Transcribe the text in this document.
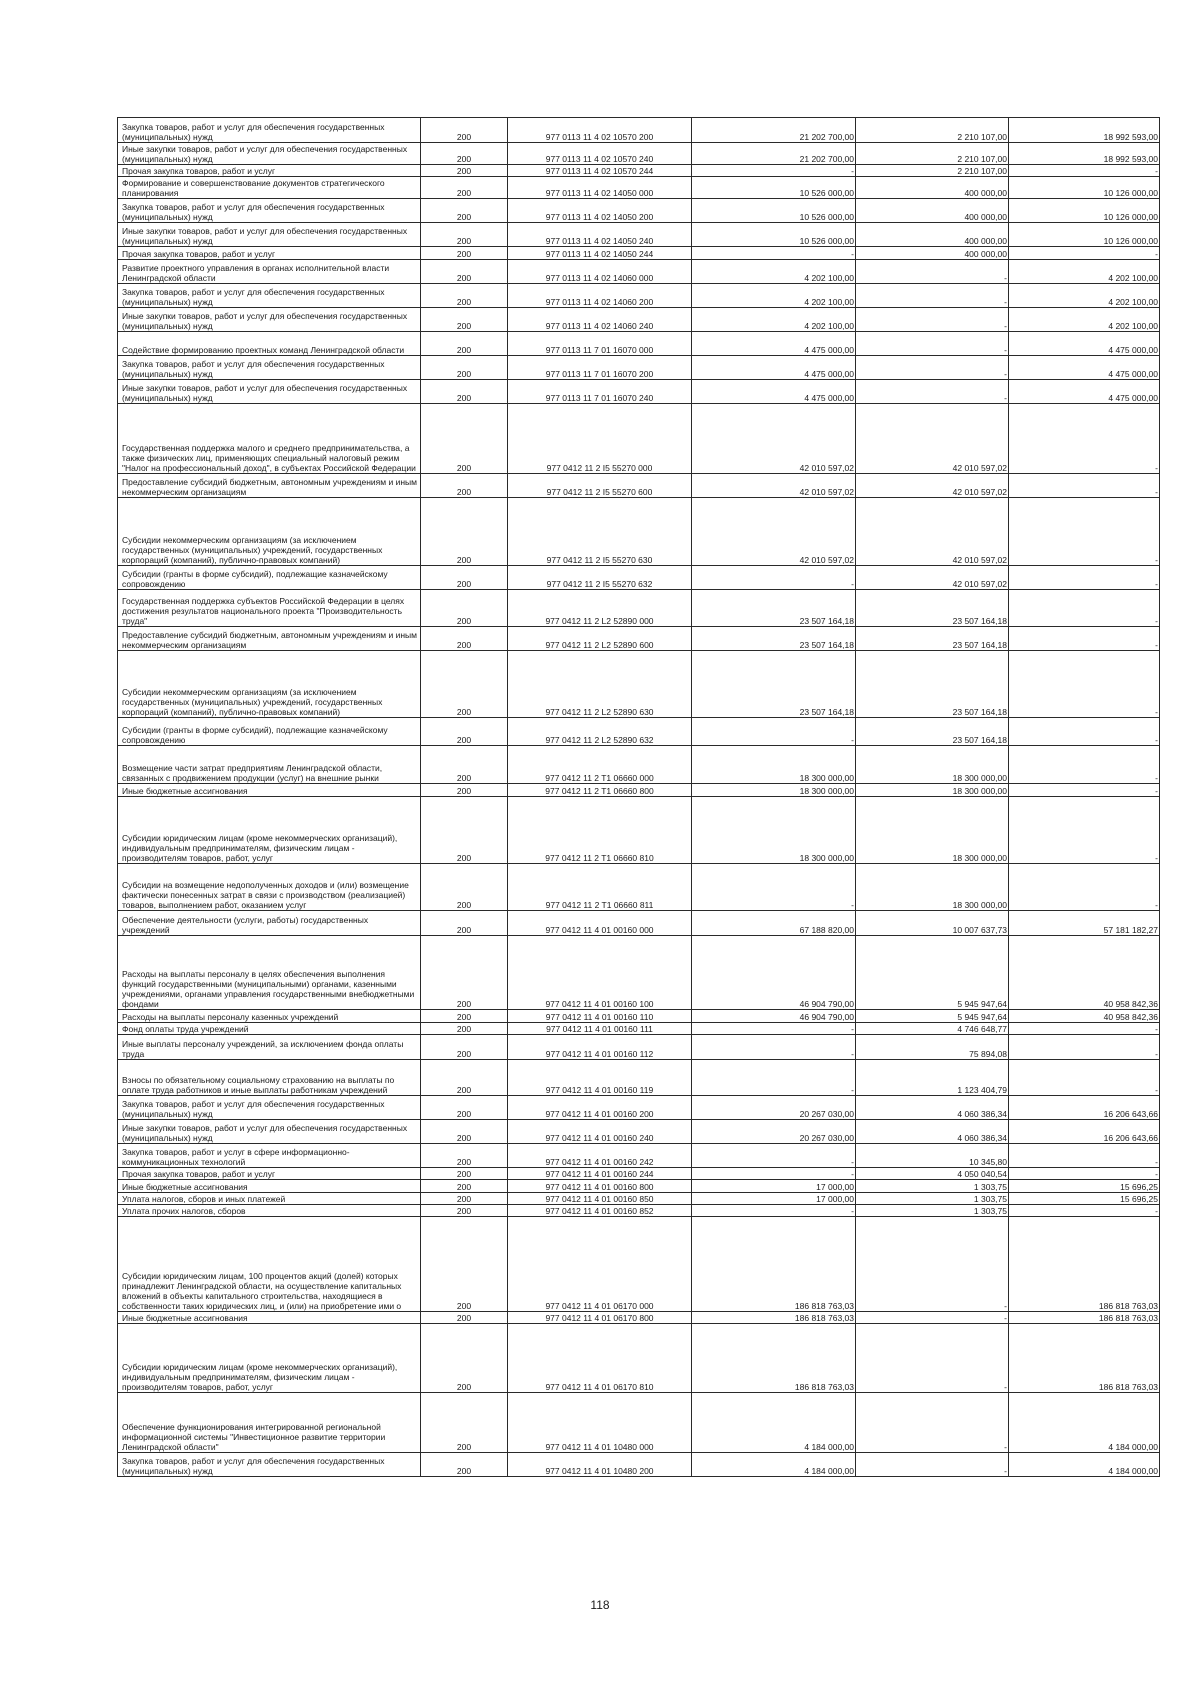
Закупка товаров, работ и услуг для обеспечения государственных (муниципальных) нужд	200	977 0113 11 4 02 10570 200	21 202 700,00	2 210 107,00	18 992 593,00
Иные закупки товаров, работ и услуг для обеспечения государственных (муниципальных) нужд	200	977 0113 11 4 02 10570 240	21 202 700,00	2 210 107,00	18 992 593,00
Прочая закупка товаров, работ и услуг	200	977 0113 11 4 02 10570 244	-	2 210 107,00	-
Формирование и совершенствование документов стратегического планирования	200	977 0113 11 4 02 14050 000	10 526 000,00	400 000,00	10 126 000,00
Закупка товаров, работ и услуг для обеспечения государственных (муниципальных) нужд	200	977 0113 11 4 02 14050 200	10 526 000,00	400 000,00	10 126 000,00
Иные закупки товаров, работ и услуг для обеспечения государственных (муниципальных) нужд	200	977 0113 11 4 02 14050 240	10 526 000,00	400 000,00	10 126 000,00
Прочая закупка товаров, работ и услуг	200	977 0113 11 4 02 14050 244	-	400 000,00	-
Развитие проектного управления в органах исполнительной власти Ленинградской области	200	977 0113 11 4 02 14060 000	4 202 100,00	-	4 202 100,00
Закупка товаров, работ и услуг для обеспечения государственных (муниципальных) нужд	200	977 0113 11 4 02 14060 200	4 202 100,00	-	4 202 100,00
Иные закупки товаров, работ и услуг для обеспечения государственных (муниципальных) нужд	200	977 0113 11 4 02 14060 240	4 202 100,00	-	4 202 100,00
Содействие формированию проектных команд Ленинградской области	200	977 0113 11 7 01 16070 000	4 475 000,00	-	4 475 000,00
Закупка товаров, работ и услуг для обеспечения государственных (муниципальных) нужд	200	977 0113 11 7 01 16070 200	4 475 000,00	-	4 475 000,00
Иные закупки товаров, работ и услуг для обеспечения государственных (муниципальных) нужд	200	977 0113 11 7 01 16070 240	4 475 000,00	-	4 475 000,00
Государственная поддержка малого и среднего предпринимательства, а также физических лиц, применяющих специальный налоговый режим "Налог на профессиональный доход", в субъектах Российской Федерации	200	977 0412 11 2 I5 55270 000	42 010 597,02	42 010 597,02	-
Предоставление субсидий бюджетным, автономным учреждениям и иным некоммерческим организациям	200	977 0412 11 2 I5 55270 600	42 010 597,02	42 010 597,02	-
Субсидии некоммерческим организациям (за исключением государственных (муниципальных) учреждений, государственных корпораций (компаний), публично-правовых компаний)	200	977 0412 11 2 I5 55270 630	42 010 597,02	42 010 597,02	-
Субсидии (гранты в форме субсидий), подлежащие казначейскому сопровождению	200	977 0412 11 2 I5 55270 632	-	42 010 597,02	-
Государственная поддержка субъектов Российской Федерации в целях достижения результатов национального проекта "Производительность труда"	200	977 0412 11 2 L2 52890 000	23 507 164,18	23 507 164,18	-
Предоставление субсидий бюджетным, автономным учреждениям и иным некоммерческим организациям	200	977 0412 11 2 L2 52890 600	23 507 164,18	23 507 164,18	-
Субсидии некоммерческим организациям (за исключением государственных (муниципальных) учреждений, государственных корпораций (компаний), публично-правовых компаний)	200	977 0412 11 2 L2 52890 630	23 507 164,18	23 507 164,18	-
Субсидии (гранты в форме субсидий), подлежащие казначейскому сопровождению	200	977 0412 11 2 L2 52890 632	-	23 507 164,18	-
Возмещение части затрат предприятиям Ленинградской области, связанных с продвижением продукции (услуг) на внешние рынки	200	977 0412 11 2 T1 06660 000	18 300 000,00	18 300 000,00	-
Иные бюджетные ассигнования	200	977 0412 11 2 T1 06660 800	18 300 000,00	18 300 000,00	-
Субсидии юридическим лицам (кроме некоммерческих организаций), индивидуальным предпринимателям, физическим лицам - производителям товаров, работ, услуг	200	977 0412 11 2 T1 06660 810	18 300 000,00	18 300 000,00	-
Субсидии на возмещение недополученных доходов и (или) возмещение фактически понесенных затрат в связи с производством (реализацией) товаров, выполнением работ, оказанием услуг	200	977 0412 11 2 T1 06660 811	-	18 300 000,00	-
Обеспечение деятельности (услуги, работы) государственных учреждений	200	977 0412 11 4 01 00160 000	67 188 820,00	10 007 637,73	57 181 182,27
Расходы на выплаты персоналу в целях обеспечения выполнения функций государственными (муниципальными) органами, казенными учреждениями, органами управления государственными внебюджетными фондами	200	977 0412 11 4 01 00160 100	46 904 790,00	5 945 947,64	40 958 842,36
Расходы на выплаты персоналу казенных учреждений	200	977 0412 11 4 01 00160 110	46 904 790,00	5 945 947,64	40 958 842,36
Фонд оплаты труда учреждений	200	977 0412 11 4 01 00160 111	-	4 746 648,77	-
Иные выплаты персоналу учреждений, за исключением фонда оплаты труда	200	977 0412 11 4 01 00160 112	-	75 894,08	-
Взносы по обязательному социальному страхованию на выплаты по оплате труда работников и иные выплаты работникам учреждений	200	977 0412 11 4 01 00160 119	-	1 123 404,79	-
Закупка товаров, работ и услуг для обеспечения государственных (муниципальных) нужд	200	977 0412 11 4 01 00160 200	20 267 030,00	4 060 386,34	16 206 643,66
Иные закупки товаров, работ и услуг для обеспечения государственных (муниципальных) нужд	200	977 0412 11 4 01 00160 240	20 267 030,00	4 060 386,34	16 206 643,66
Закупка товаров, работ и услуг в сфере информационно-коммуникационных технологий	200	977 0412 11 4 01 00160 242	-	10 345,80	-
Прочая закупка товаров, работ и услуг	200	977 0412 11 4 01 00160 244	-	4 050 040,54	-
Иные бюджетные ассигнования	200	977 0412 11 4 01 00160 800	17 000,00	1 303,75	15 696,25
Уплата налогов, сборов и иных платежей	200	977 0412 11 4 01 00160 850	17 000,00	1 303,75	15 696,25
Уплата прочих налогов, сборов	200	977 0412 11 4 01 00160 852	-	1 303,75	-
Субсидии юридическим лицам, 100 процентов акций (долей) которых принадлежит Ленинградской области, на осуществление капитальных вложений в объекты капитального строительства, находящиеся в собственности таких юридических лиц, и (или) на приобретение ими о	200	977 0412 11 4 01 06170 000	186 818 763,03	-	186 818 763,03
Иные бюджетные ассигнования	200	977 0412 11 4 01 06170 800	186 818 763,03	-	186 818 763,03
Субсидии юридическим лицам (кроме некоммерческих организаций), индивидуальным предпринимателям, физическим лицам - производителям товаров, работ, услуг	200	977 0412 11 4 01 06170 810	186 818 763,03	-	186 818 763,03
Обеспечение функционирования интегрированной региональной информационной системы "Инвестиционное развитие территории Ленинградской области"	200	977 0412 11 4 01 10480 000	4 184 000,00	-	4 184 000,00
Закупка товаров, работ и услуг для обеспечения государственных (муниципальных) нужд	200	977 0412 11 4 01 10480 200	4 184 000,00	-	4 184 000,00
118
